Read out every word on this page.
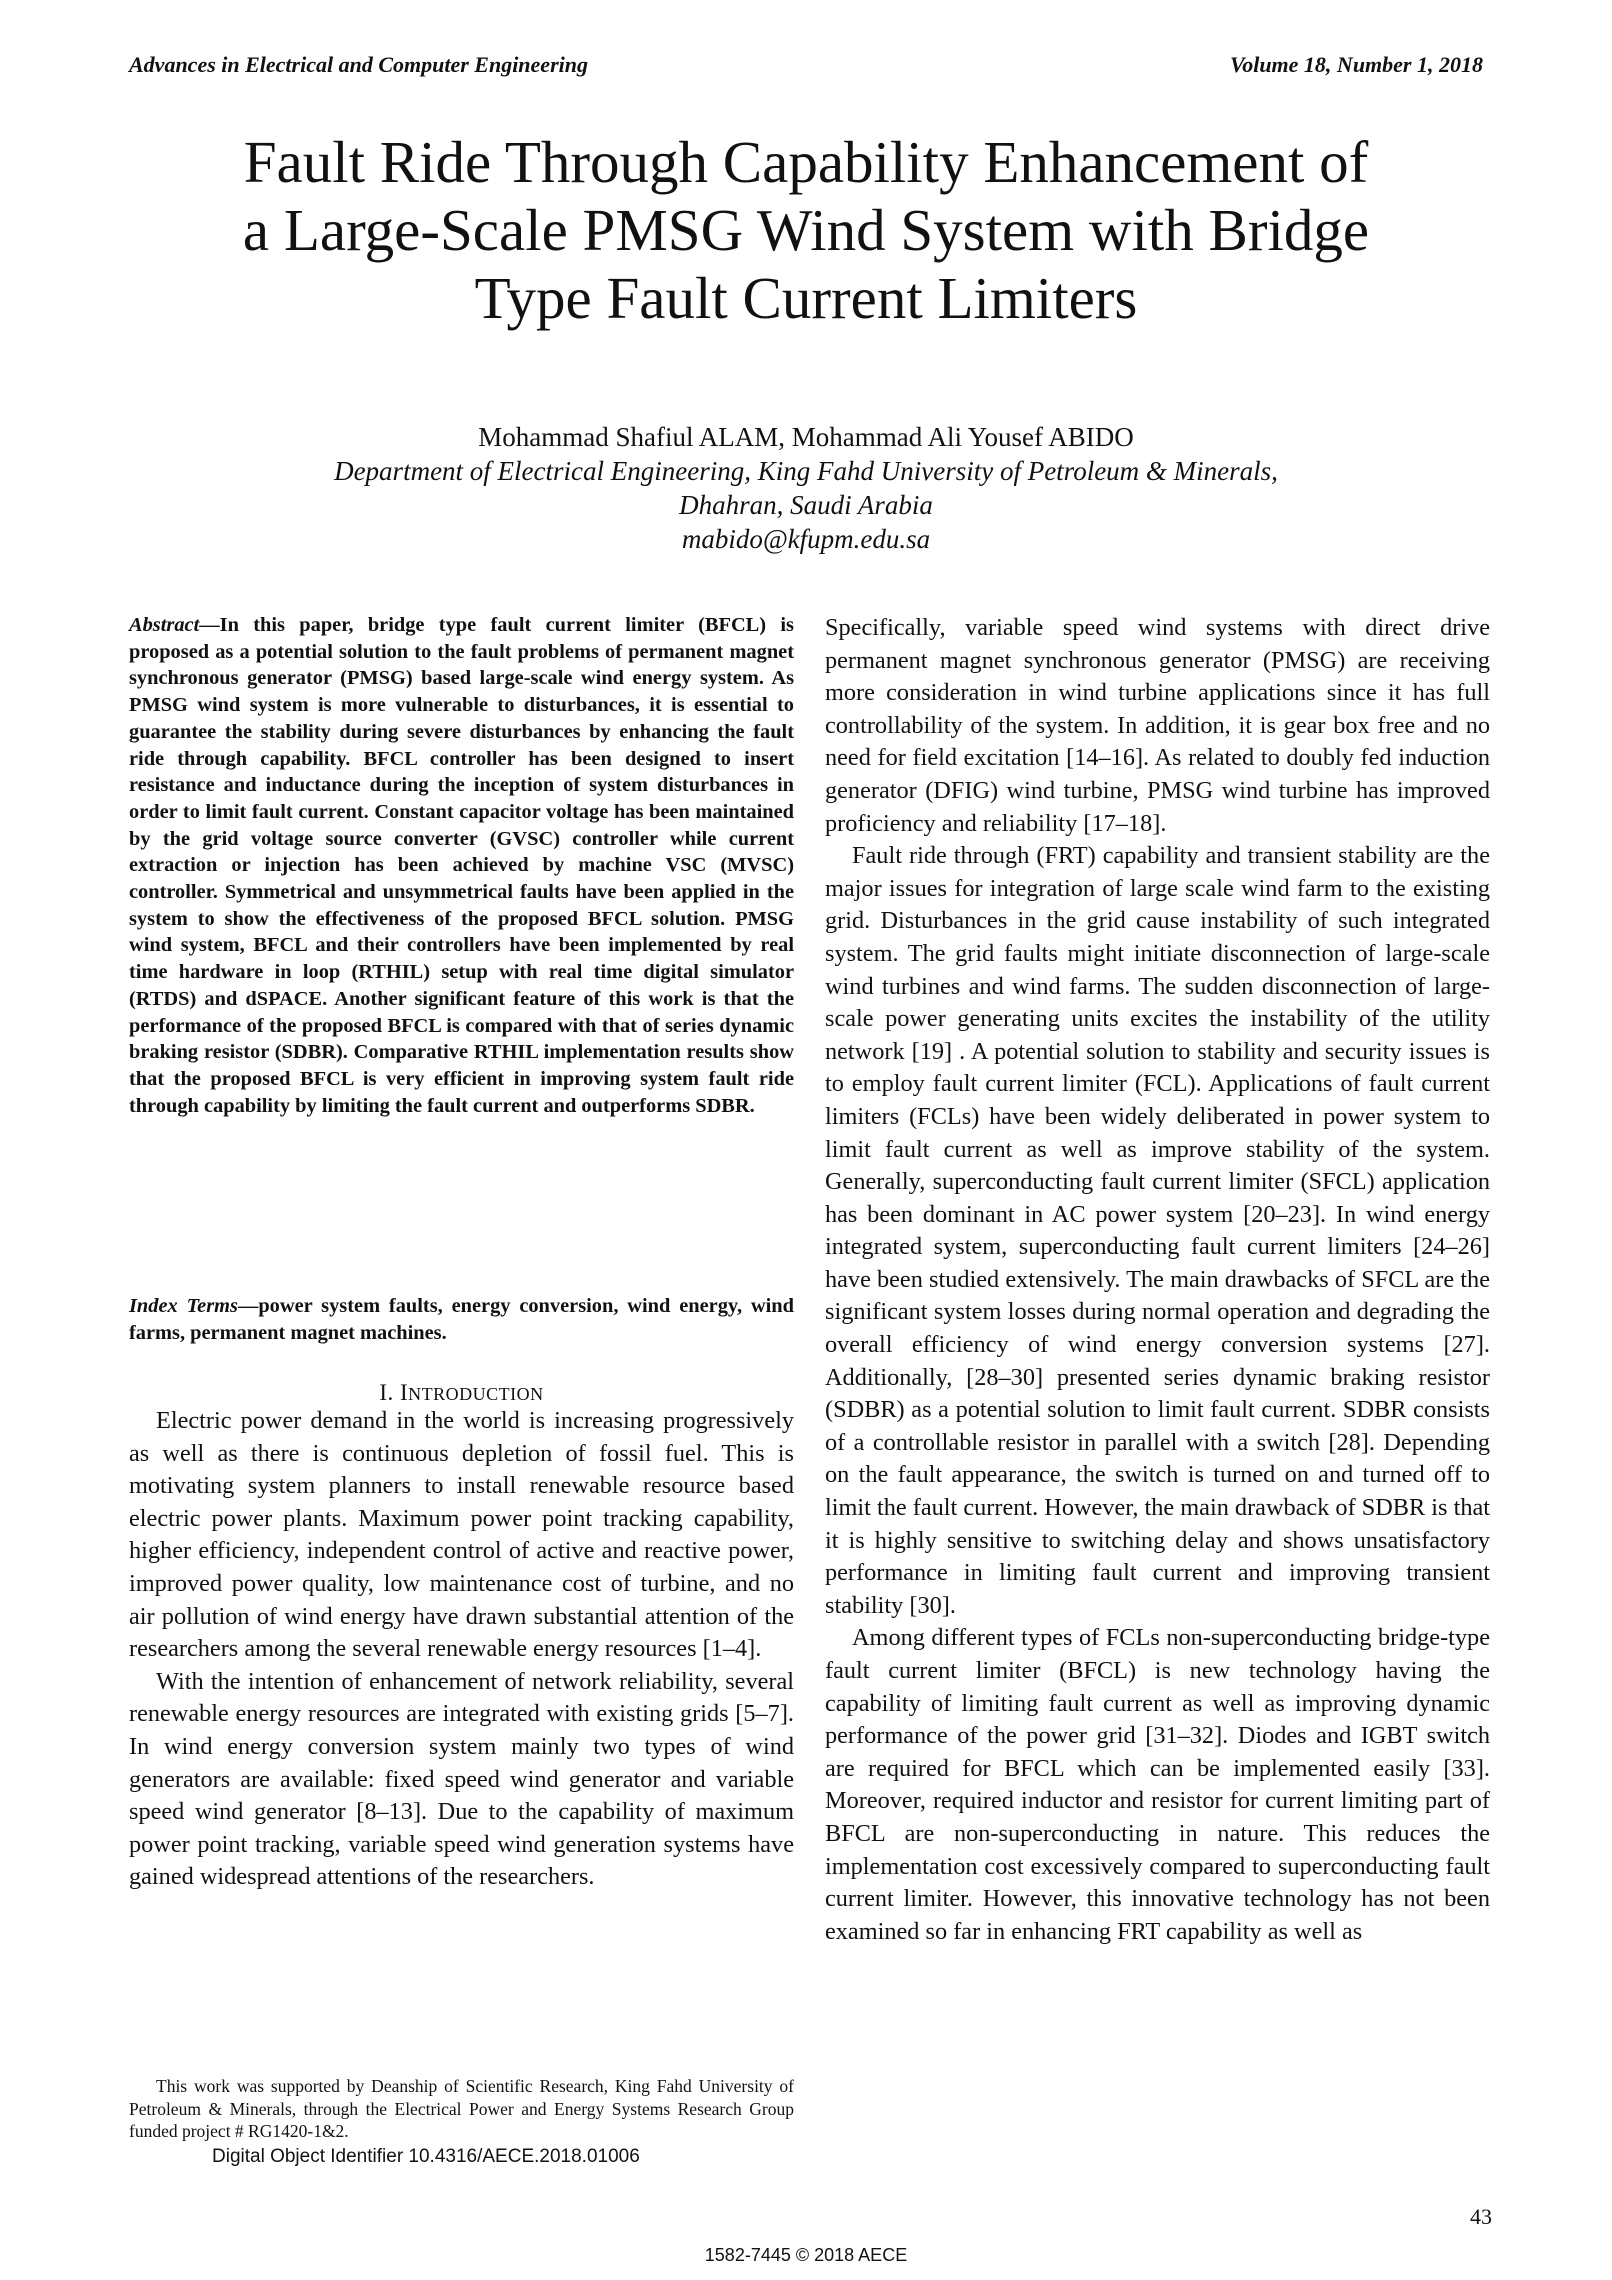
Advances in Electrical and Computer Engineering	Volume 18, Number 1, 2018
Fault Ride Through Capability Enhancement of
a Large-Scale PMSG Wind System with Bridge
Type Fault Current Limiters
Mohammad Shafiul ALAM, Mohammad Ali Yousef ABIDO
Department of Electrical Engineering, King Fahd University of Petroleum & Minerals,
Dhahran, Saudi Arabia
mabido@kfupm.edu.sa
Abstract—In this paper, bridge type fault current limiter (BFCL) is proposed as a potential solution to the fault problems of permanent magnet synchronous generator (PMSG) based large-scale wind energy system. As PMSG wind system is more vulnerable to disturbances, it is essential to guarantee the stability during severe disturbances by enhancing the fault ride through capability. BFCL controller has been designed to insert resistance and inductance during the inception of system disturbances in order to limit fault current. Constant capacitor voltage has been maintained by the grid voltage source converter (GVSC) controller while current extraction or injection has been achieved by machine VSC (MVSC) controller. Symmetrical and unsymmetrical faults have been applied in the system to show the effectiveness of the proposed BFCL solution. PMSG wind system, BFCL and their controllers have been implemented by real time hardware in loop (RTHIL) setup with real time digital simulator (RTDS) and dSPACE. Another significant feature of this work is that the performance of the proposed BFCL is compared with that of series dynamic braking resistor (SDBR). Comparative RTHIL implementation results show that the proposed BFCL is very efficient in improving system fault ride through capability by limiting the fault current and outperforms SDBR.
Index Terms—power system faults, energy conversion, wind energy, wind farms, permanent magnet machines.
I. INTRODUCTION

Electric power demand in the world is increasing progressively as well as there is continuous depletion of fossil fuel. This is motivating system planners to install renewable resource based electric power plants. Maximum power point tracking capability, higher efficiency, independent control of active and reactive power, improved power quality, low maintenance cost of turbine, and no air pollution of wind energy have drawn substantial attention of the researchers among the several renewable energy resources [1–4].

With the intention of enhancement of network reliability, several renewable energy resources are integrated with existing grids [5–7]. In wind energy conversion system mainly two types of wind generators are available: fixed speed wind generator and variable speed wind generator [8–13]. Due to the capability of maximum power point tracking, variable speed wind generation systems have gained widespread attentions of the researchers.

This work was supported by Deanship of Scientific Research, King Fahd University of Petroleum & Minerals, through the Electrical Power and Energy Systems Research Group funded project # RG1420-1&2.

Specifically, variable speed wind systems with direct drive permanent magnet synchronous generator (PMSG) are receiving more consideration in wind turbine applications since it has full controllability of the system. In addition, it is gear box free and no need for field excitation [14–16]. As related to doubly fed induction generator (DFIG) wind turbine, PMSG wind turbine has improved proficiency and reliability [17–18].

Fault ride through (FRT) capability and transient stability are the major issues for integration of large scale wind farm to the existing grid. Disturbances in the grid cause instability of such integrated system. The grid faults might initiate disconnection of large-scale wind turbines and wind farms. The sudden disconnection of large-scale power generating units excites the instability of the utility network [19] . A potential solution to stability and security issues is to employ fault current limiter (FCL). Applications of fault current limiters (FCLs) have been widely deliberated in power system to limit fault current as well as improve stability of the system. Generally, superconducting fault current limiter (SFCL) application has been dominant in AC power system [20–23]. In wind energy integrated system, superconducting fault current limiters [24–26] have been studied extensively. The main drawbacks of SFCL are the significant system losses during normal operation and degrading the overall efficiency of wind energy conversion systems [27]. Additionally, [28–30] presented series dynamic braking resistor (SDBR) as a potential solution to limit fault current. SDBR consists of a controllable resistor in parallel with a switch [28]. Depending on the fault appearance, the switch is turned on and turned off to limit the fault current. However, the main drawback of SDBR is that it is highly sensitive to switching delay and shows unsatisfactory performance in limiting fault current and improving transient stability [30].

Among different types of FCLs non-superconducting bridge-type fault current limiter (BFCL) is new technology having the capability of limiting fault current as well as improving dynamic performance of the power grid [31–32]. Diodes and IGBT switch are required for BFCL which can be implemented easily [33]. Moreover, required inductor and resistor for current limiting part of BFCL are non-superconducting in nature. This reduces the implementation cost excessively compared to superconducting fault current limiter. However, this innovative technology has not been examined so far in enhancing FRT capability as well as

Digital Object Identifier 10.4316/AECE.2018.01006
43
1582-7445 © 2018 AECE
